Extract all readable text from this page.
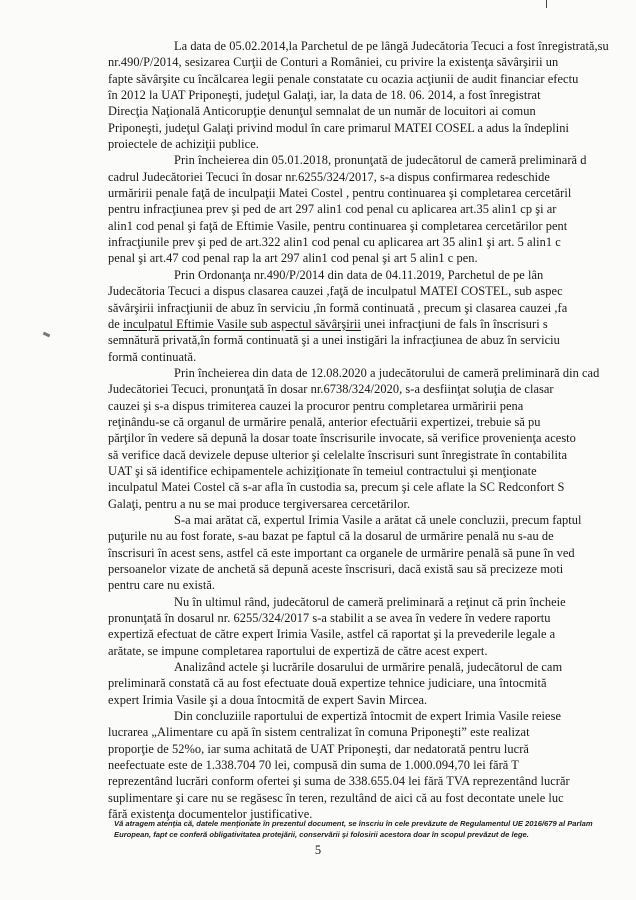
La data de 05.02.2014,la Parchetul de pe lângă Judecătoria Tecuci a fost înregistrată,su
nr.490/P/2014, sesizarea Curţii de Conturi a României, cu privire la existenţa săvârşirii un
fapte săvârşite cu încălcarea legii penale constatate cu ocazia acţiunii de audit financiar efectu
în 2012 la UAT Priponeşti, judeţul Galaţi, iar, la data de 18. 06. 2014, a fost înregistrat
Direcţia Naţională Anticorupţie denunţul semnalat de un număr de locuitori ai comun
Priponeşti, judeţul Galaţi privind modul în care primarul MATEI COSEL a adus la îndeplini
proiectele de achiziţii publice.
Prin încheierea din 05.01.2018, pronunţată de judecătorul de cameră preliminară d
cadrul Judecătoriei Tecuci în dosar nr.6255/324/2017, s-a dispus confirmarea redeschide
urmăririi penale faţă de inculpaţii Matei Costel , pentru continuarea şi completarea cercetăril
pentru infracţiunea prev şi ped de art 297 alin1 cod penal cu aplicarea art.35 alin1 cp şi ar
alin1 cod penal şi faţă de Eftimie Vasile, pentru continuarea şi completarea cercetărilor pent
infracţiunile prev şi ped de art.322 alin1 cod penal cu aplicarea art 35 alin1 şi art. 5 alin1 c
penal şi art.47 cod penal rap la art 297 alin1 cod penal şi art 5 alin1 c pen.
Prin Ordonanţa nr.490/P/2014 din data de 04.11.2019, Parchetul de pe lân
Judecătoria Tecuci a dispus clasarea cauzei ,faţă de inculpatul MATEI COSTEL, sub aspec
săvârşirii infracţiunii de abuz în serviciu ,în formă continuată , precum şi clasarea cauzei ,fa
de inculpatul Eftimie Vasile sub aspectul săvârşirii unei infracţiuni de fals în înscrisuri s
semnătură privată,în formă continuată şi a unei instigări la infracţiunea de abuz în serviciu
formă continuată.
Prin încheierea din data de 12.08.2020 a judecătorului de cameră preliminară din cad
Judecătoriei Tecuci, pronunţată în dosar nr.6738/324/2020, s-a desfiinţat soluţia de clasar
cauzei şi s-a dispus trimiterea cauzei la procuror pentru completarea urmăririi pena
reţinându-se că organul de urmărire penală, anterior efectuării expertizei, trebuie să pu
părţilor în vedere să depună la dosar toate înscrisurile invocate, să verifice provenienţa acesto
să verifice dacă devizele depuse ulterior şi celelalte înscrisuri sunt înregistrate în contabilita
UAT şi să identifice echipamentele achiziţionate în temeiul contractului şi menţionate
inculpatul Matei Costel că s-ar afla în custodia sa, precum şi cele aflate la SC Redconfort S
Galaţi, pentru a nu se mai produce tergiversarea cercetărilor.
S-a mai arătat că, expertul Irimia Vasile a arătat că unele concluzii, precum faptul
puţurile nu au fost forate, s-au bazat pe faptul că la dosarul de urmărire penală nu s-au de
înscrisuri în acest sens, astfel că este important ca organele de urmărire penală să pune în ved
persoanelor vizate de anchetă să depună aceste înscrisuri, dacă există sau să precizeze moti
pentru care nu există.
Nu în ultimul rând, judecătorul de cameră preliminară a reţinut că prin încheie
pronunţată în dosarul nr. 6255/324/2017 s-a stabilit a se avea în vedere în vedere raportu
expertiză efectuat de către expert Irimia Vasile, astfel că raportat şi la prevederile legale a
arătate, se impune completarea raportului de expertiză de către acest expert.
Analizând actele şi lucrările dosarului de urmărire penală, judecătorul de cam
preliminară constată că au fost efectuate două expertize tehnice judiciare, una întocmită
expert Irimia Vasile şi a doua întocmită de expert Savin Mircea.
Din concluziile raportului de expertiză întocmit de expert Irimia Vasile reiese
lucrarea „Alimentare cu apă în sistem centralizat în comuna Priponeşti” este realizat
proporţie de 52%o, iar suma achitată de UAT Priponeşti, dar nedatorată pentru lucră
neefectuate este de 1.338.704 70 lei, compusă din suma de 1.000.094,70 lei fără T
reprezentând lucrări conform ofertei şi suma de 338.655.04 lei fără TVA reprezentând lucrăr
suplimentare şi care nu se regăsesc în teren, rezultând de aici că au fost decontate unele luc
fără existenţa documentelor justificative.
Vă atragem atenţia că, datele menţionate în prezentul document, se înscriu în cele prevăzute de Regulamentul UE 2016/679 al Parlam
European, fapt ce conferă obligativitatea protejării, conservării şi folosirii acestora doar în scopul prevăzut de lege.
5
